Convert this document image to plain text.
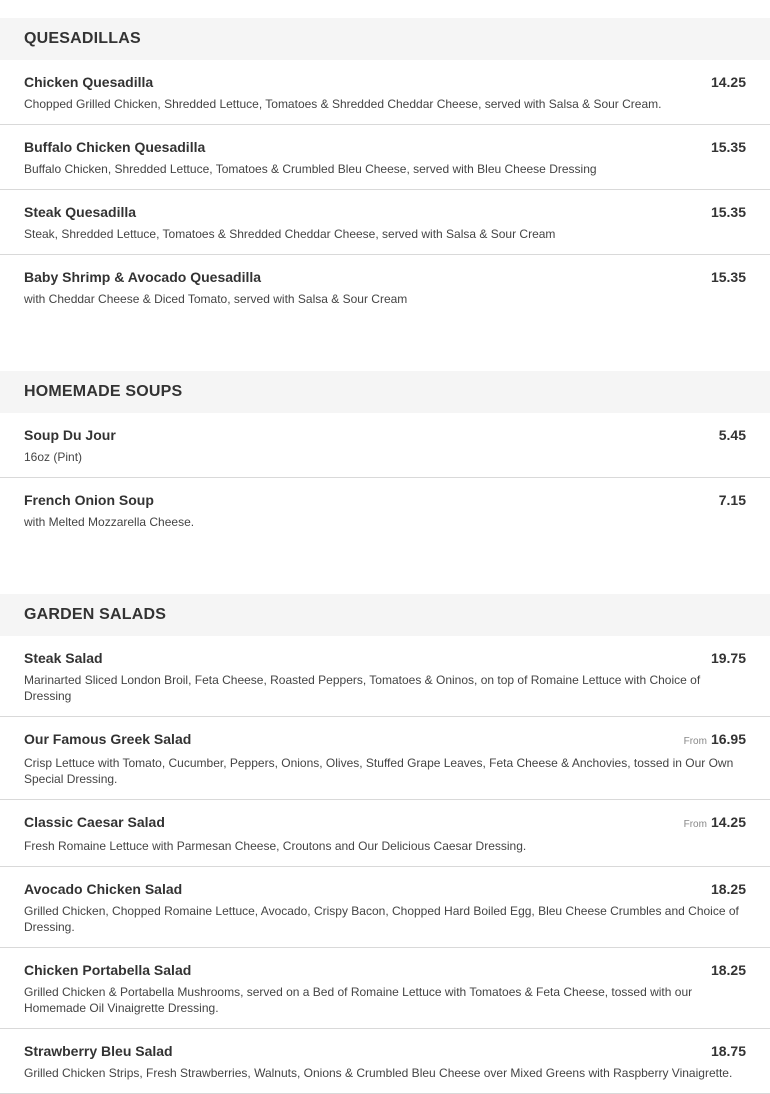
QUESADILLAS
Chicken Quesadilla	14.25
Chopped Grilled Chicken, Shredded Lettuce, Tomatoes & Shredded Cheddar Cheese, served with Salsa & Sour Cream.
Buffalo Chicken Quesadilla	15.35
Buffalo Chicken, Shredded Lettuce, Tomatoes & Crumbled Bleu Cheese, served with Bleu Cheese Dressing
Steak Quesadilla	15.35
Steak, Shredded Lettuce, Tomatoes & Shredded Cheddar Cheese, served with Salsa & Sour Cream
Baby Shrimp & Avocado Quesadilla	15.35
with Cheddar Cheese & Diced Tomato, served with Salsa & Sour Cream
HOMEMADE SOUPS
Soup Du Jour	5.45
16oz (Pint)
French Onion Soup	7.15
with Melted Mozzarella Cheese.
GARDEN SALADS
Steak Salad	19.75
Marinarted Sliced London Broil, Feta Cheese, Roasted Peppers, Tomatoes & Oninos, on top of Romaine Lettuce with Choice of Dressing
Our Famous Greek Salad	From 16.95
Crisp Lettuce with Tomato, Cucumber, Peppers, Onions, Olives, Stuffed Grape Leaves, Feta Cheese & Anchovies, tossed in Our Own Special Dressing.
Classic Caesar Salad	From 14.25
Fresh Romaine Lettuce with Parmesan Cheese, Croutons and Our Delicious Caesar Dressing.
Avocado Chicken Salad	18.25
Grilled Chicken, Chopped Romaine Lettuce, Avocado, Crispy Bacon, Chopped Hard Boiled Egg, Bleu Cheese Crumbles and Choice of Dressing.
Chicken Portabella Salad	18.25
Grilled Chicken & Portabella Mushrooms, served on a Bed of Romaine Lettuce with Tomatoes & Feta Cheese, tossed with our Homemade Oil Vinaigrette Dressing.
Strawberry Bleu Salad	18.75
Grilled Chicken Strips, Fresh Strawberries, Walnuts, Onions & Crumbled Bleu Cheese over Mixed Greens with Raspberry Vinaigrette.
